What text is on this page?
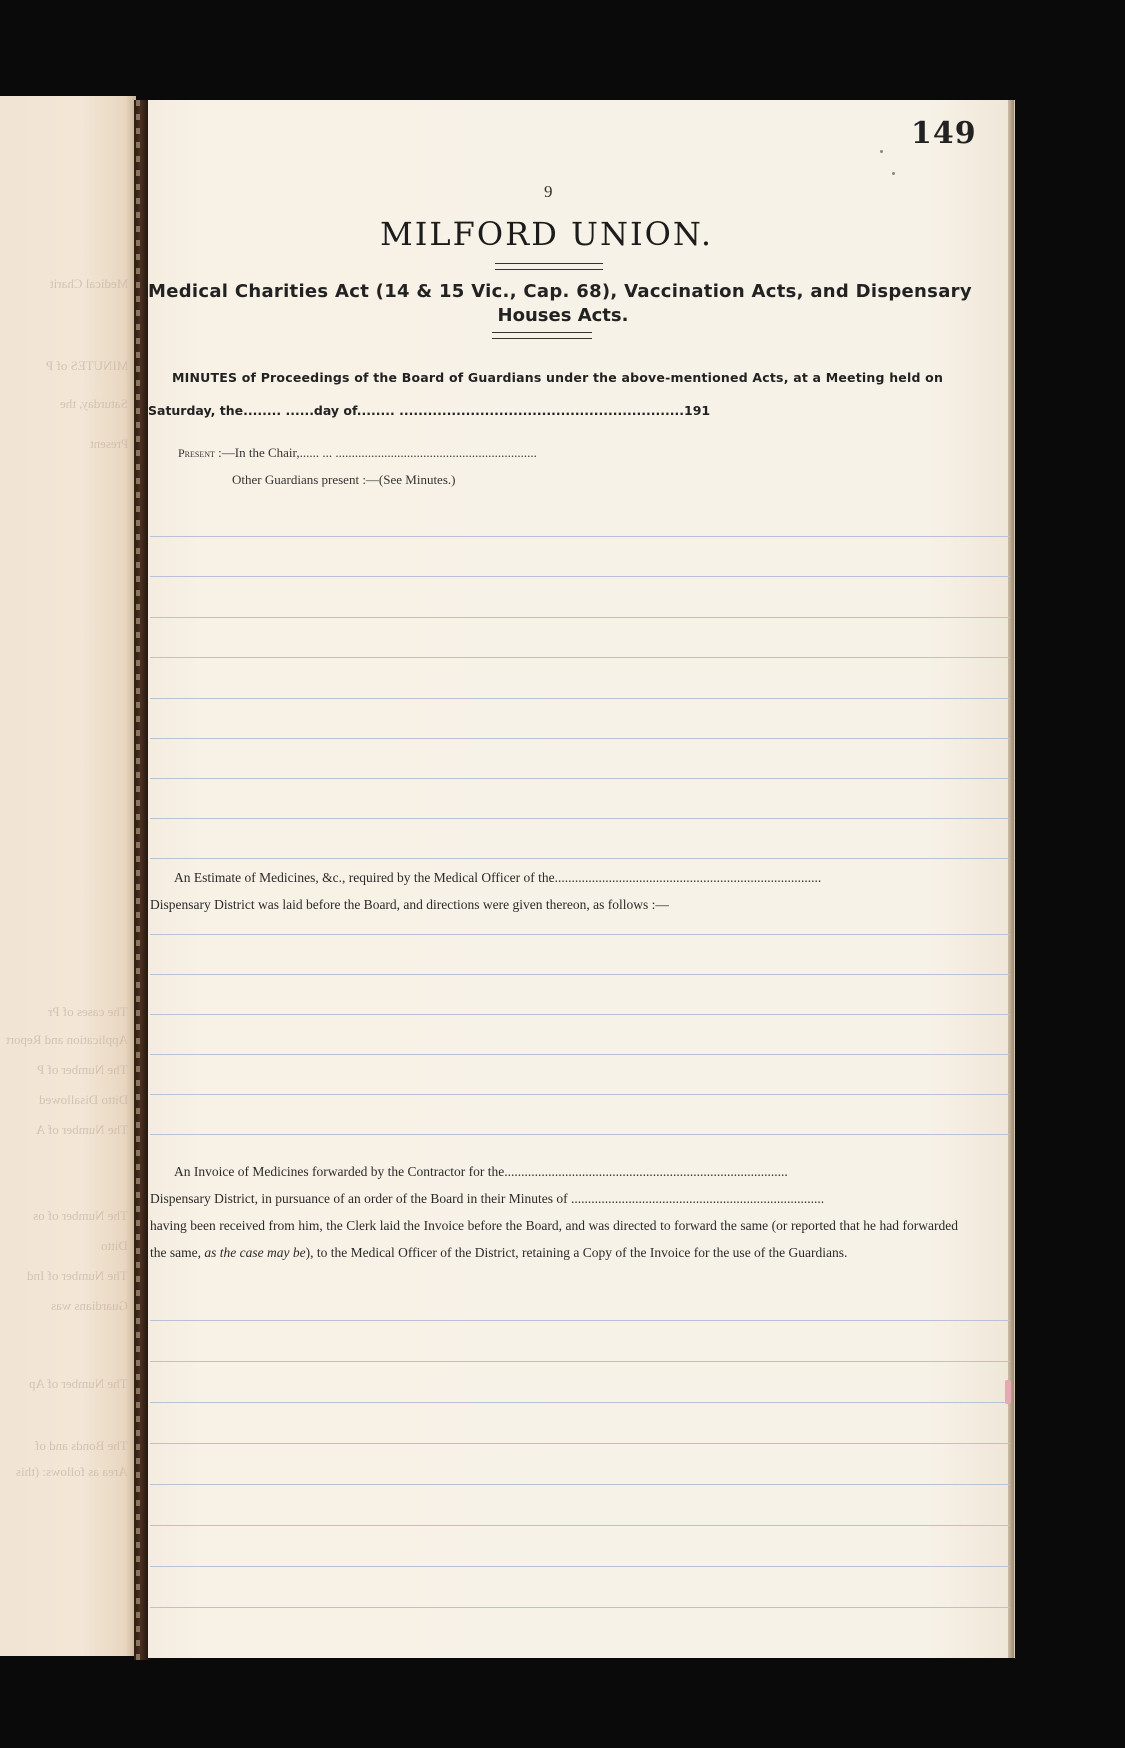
Medical Charit
MINUTES of P
Saturday, the
Present
The cases of Pr
Application and Report
The Number of P
Ditto Disallowed
The Number of A
The Number of os
Ditto
The Number of Ind
Guardians was
The Number of Ap
The Bonds and of
Area as follows: (this
149
9
MILFORD UNION.
Medical Charities Act (14 & 15 Vic., Cap. 68), Vaccination Acts, and Dispensary
Houses Acts.
MINUTES of Proceedings of the Board of Guardians under the above-mentioned Acts, at a Meeting held on
Saturday, the........ ......day of........ ............................................................191
Present :—In the Chair,...... ... ..............................................................
Other Guardians present :—(See Minutes.)

An Estimate of Medicines, &c., required by the Medical Officer of the...............................................................................

Dispensary District was laid before the Board, and directions were given thereon, as follows :—

An Invoice of Medicines forwarded by the Contractor for the....................................................................................

Dispensary District, in pursuance of an order of the Board in their Minutes of ...........................................................................

having been received from him, the Clerk laid the Invoice before the Board, and was directed to forward the same (or reported that he had forwarded the same, as the case may be), to the Medical Officer of the District, retaining a Copy of the Invoice for the use of the Guardians.
